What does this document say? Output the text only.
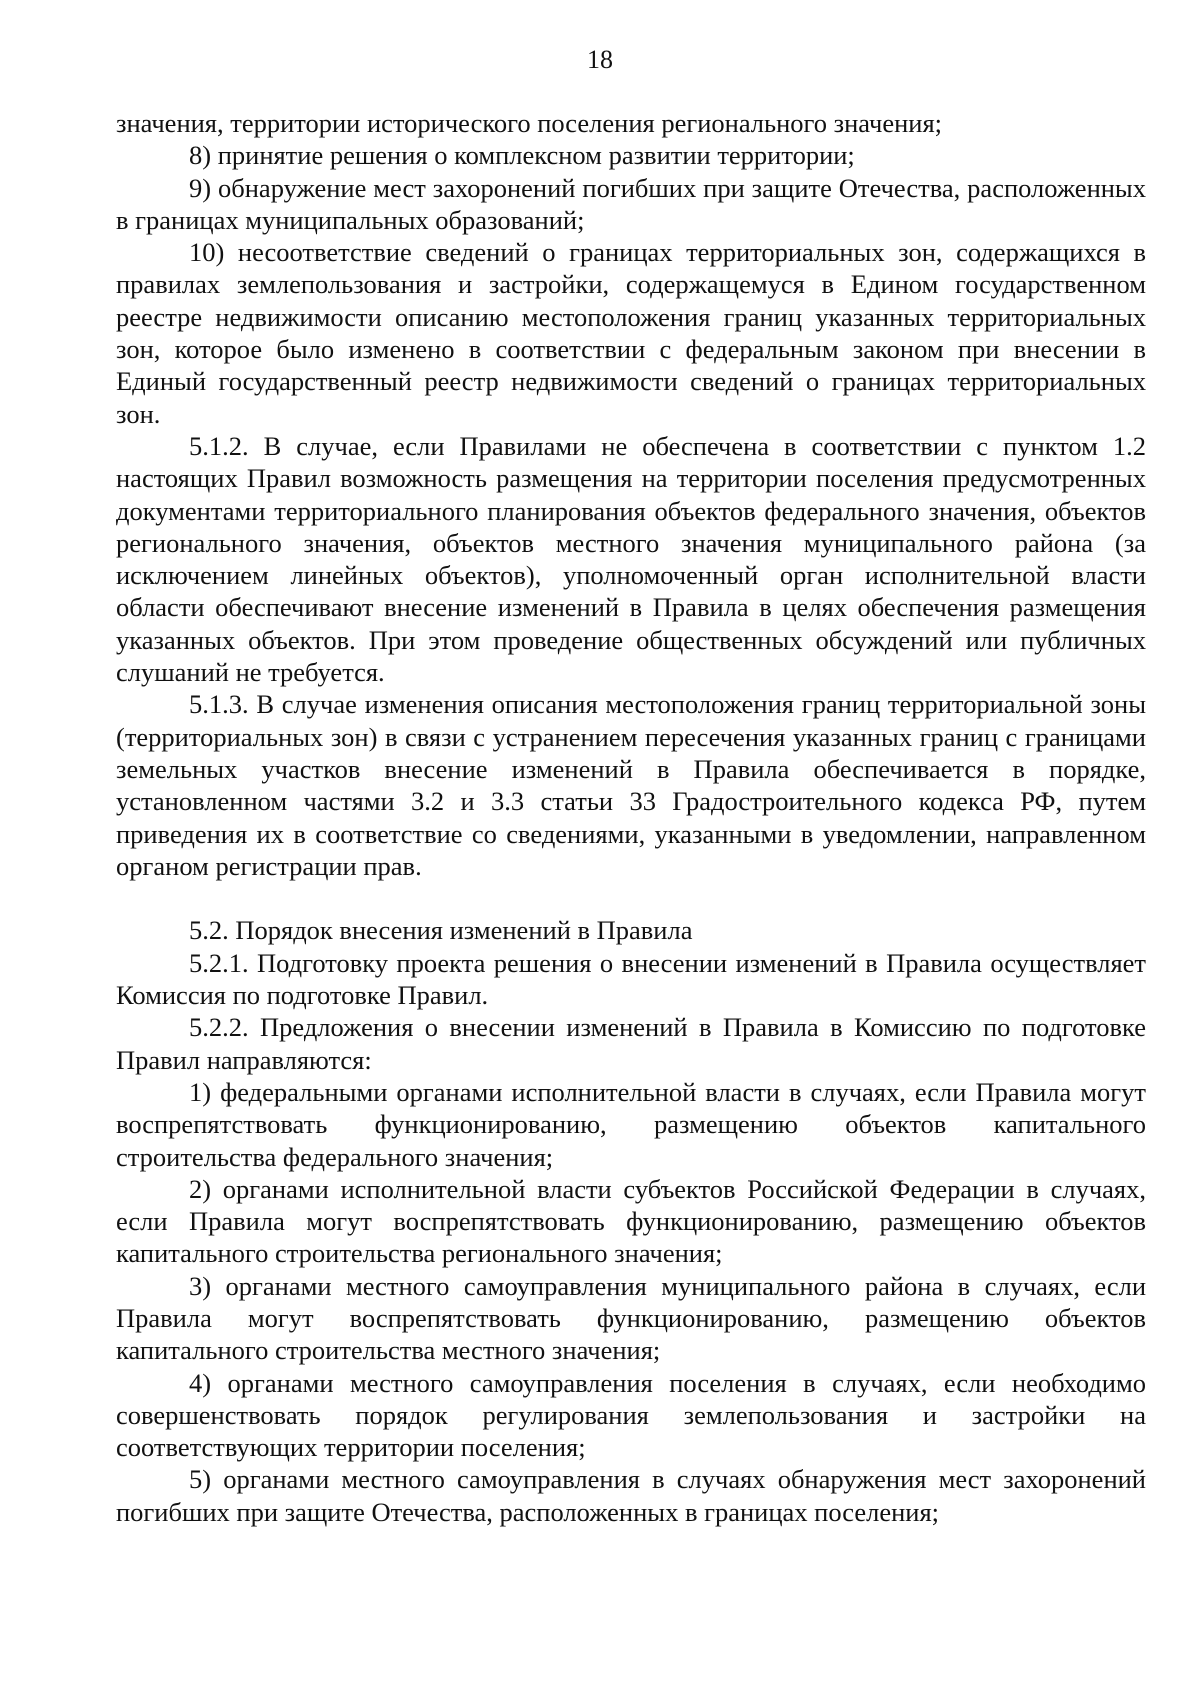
18

значения, территории исторического поселения регионального значения;

8) принятие решения о комплексном развитии территории;

9) обнаружение мест захоронений погибших при защите Отечества, расположенных в границах муниципальных образований;

10) несоответствие сведений о границах территориальных зон, содержащихся в правилах землепользования и застройки, содержащемуся в Едином государственном реестре недвижимости описанию местоположения границ указанных территориальных зон, которое было изменено в соответствии с федеральным законом при внесении в Единый государственный реестр недвижимости сведений о границах территориальных зон.

5.1.2. В случае, если Правилами не обеспечена в соответствии с пунктом 1.2 настоящих Правил возможность размещения на территории поселения предусмотренных документами территориального планирования объектов федерального значения, объектов регионального значения, объектов местного значения муниципального района (за исключением линейных объектов), уполномоченный орган исполнительной власти области обеспечивают внесение изменений в Правила в целях обеспечения размещения указанных объектов. При этом проведение общественных обсуждений или публичных слушаний не требуется.

5.1.3. В случае изменения описания местоположения границ территориальной зоны (территориальных зон) в связи с устранением пересечения указанных границ с границами земельных участков внесение изменений в Правила обеспечивается в порядке, установленном частями 3.2 и 3.3 статьи 33 Градостроительного кодекса РФ, путем приведения их в соответствие со сведениями, указанными в уведомлении, направленном органом регистрации прав.

5.2. Порядок внесения изменений в Правила

5.2.1. Подготовку проекта решения о внесении изменений в Правила осуществляет Комиссия по подготовке Правил.

5.2.2. Предложения о внесении изменений в Правила в Комиссию по подготовке Правил направляются:

1) федеральными органами исполнительной власти в случаях, если Правила могут воспрепятствовать функционированию, размещению объектов капитального строительства федерального значения;

2) органами исполнительной власти субъектов Российской Федерации в случаях, если Правила могут воспрепятствовать функционированию, размещению объектов капитального строительства регионального значения;

3) органами местного самоуправления муниципального района в случаях, если Правила могут воспрепятствовать функционированию, размещению объектов капитального строительства местного значения;

4) органами местного самоуправления поселения в случаях, если необходимо совершенствовать порядок регулирования землепользования и застройки на соответствующих территории поселения;

5) органами местного самоуправления в случаях обнаружения мест захоронений погибших при защите Отечества, расположенных в границах поселения;
